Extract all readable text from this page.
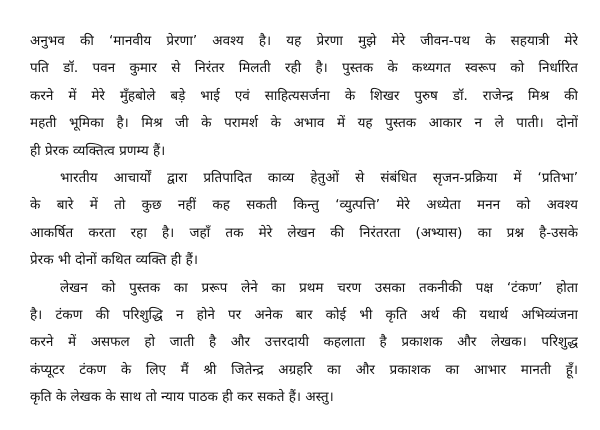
अनुभव की ‘मानवीय प्रेरणा’ अवश्य है। यह प्रेरणा मुझे मेरे जीवन-पथ के सहयात्री मेरे
पति डॉ. पवन कुमार से निरंतर मिलती रही है। पुस्तक के कथ्यगत स्वरूप को निर्धारित
करने में मेरे मुँहबोले बड़े भाई एवं साहित्यसर्जना के शिखर पुरुष डॉ. राजेन्द्र मिश्र की
महती भूमिका है। मिश्र जी के परामर्श के अभाव में यह पुस्तक आकार न ले पाती। दोनों
ही प्रेरक व्यक्तित्व प्रणम्य हैं।

भारतीय आचार्यों द्वारा प्रतिपादित काव्य हेतुओं से संबंधित सृजन-प्रक्रिया में ‘प्रतिभा’
के बारे में तो कुछ नहीं कह सकती किन्तु ‘व्युत्पत्ति’ मेरे अध्येता मनन को अवश्य
आकर्षित करता रहा है। जहाँ तक मेरे लेखन की निरंतरता (अभ्यास) का प्रश्न है-उसके
प्रेरक भी दोनों कथित व्यक्ति ही हैं।

लेखन को पुस्तक का प्ररूप लेने का प्रथम चरण उसका तकनीकी पक्ष ‘टंकण’ होता
है। टंकण की परिशुद्धि न होने पर अनेक बार कोई भी कृति अर्थ की यथार्थ अभिव्यंजना
करने में असफल हो जाती है और उत्तरदायी कहलाता है प्रकाशक और लेखक। परिशुद्ध
कंप्यूटर टंकण के लिए मैं श्री जितेन्द्र अग्रहरि का और प्रकाशक का आभार मानती हूँ।
कृति के लेखक के साथ तो न्याय पाठक ही कर सकते हैं। अस्तु।
